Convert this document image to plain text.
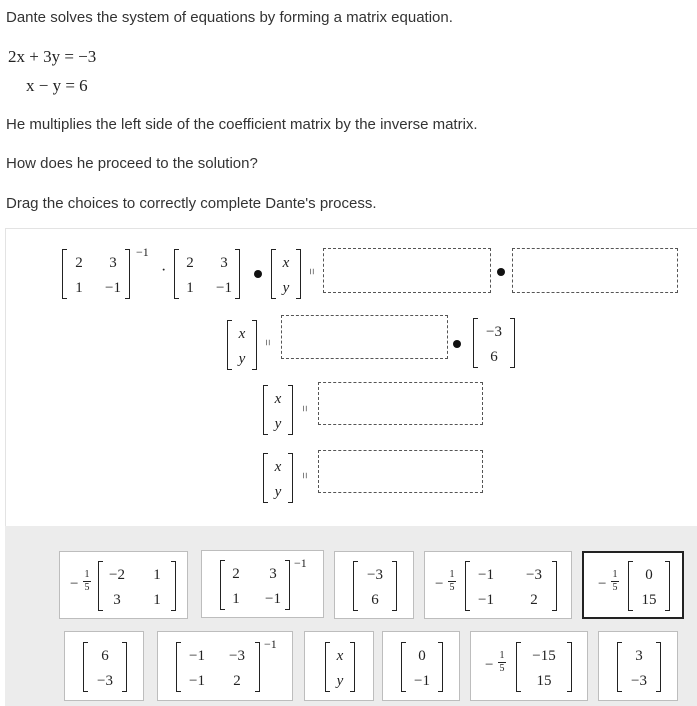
Dante solves the system of equations by forming a matrix equation.
2x + 3y = −3
x − y = 6
He multiplies the left side of the coefficient matrix by the inverse matrix.
How does he proceed to the solution?
Drag the choices to correctly complete Dante's process.
2	3
1	−1
−1
·	2	3
1	−1
x
y
=
x
y
=
−3
6
x
y
=
x
y
=
−
1
5
−2	1
3	1
2	3
1	−1
−1
−3
6
−
1
5
−1	−3
−1	2
−
1
5
0
15
6
−3
−1	−3
−1	2
−1
x
y
0
−1
−
1
5
−15
15
3
−3
